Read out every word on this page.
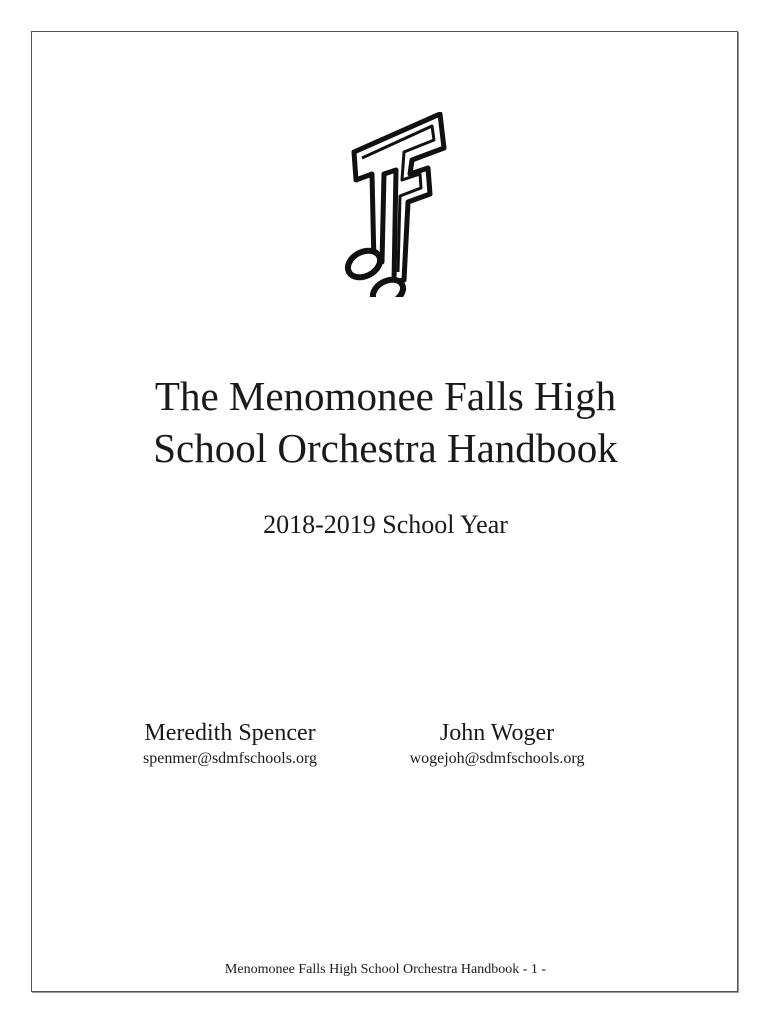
The Menomonee Falls High
School Orchestra Handbook
2018-2019 School Year
Meredith Spencer
spenmer@sdmfschools.org
John Woger
wogejoh@sdmfschools.org
Menomonee Falls High School Orchestra Handbook - 1 -
